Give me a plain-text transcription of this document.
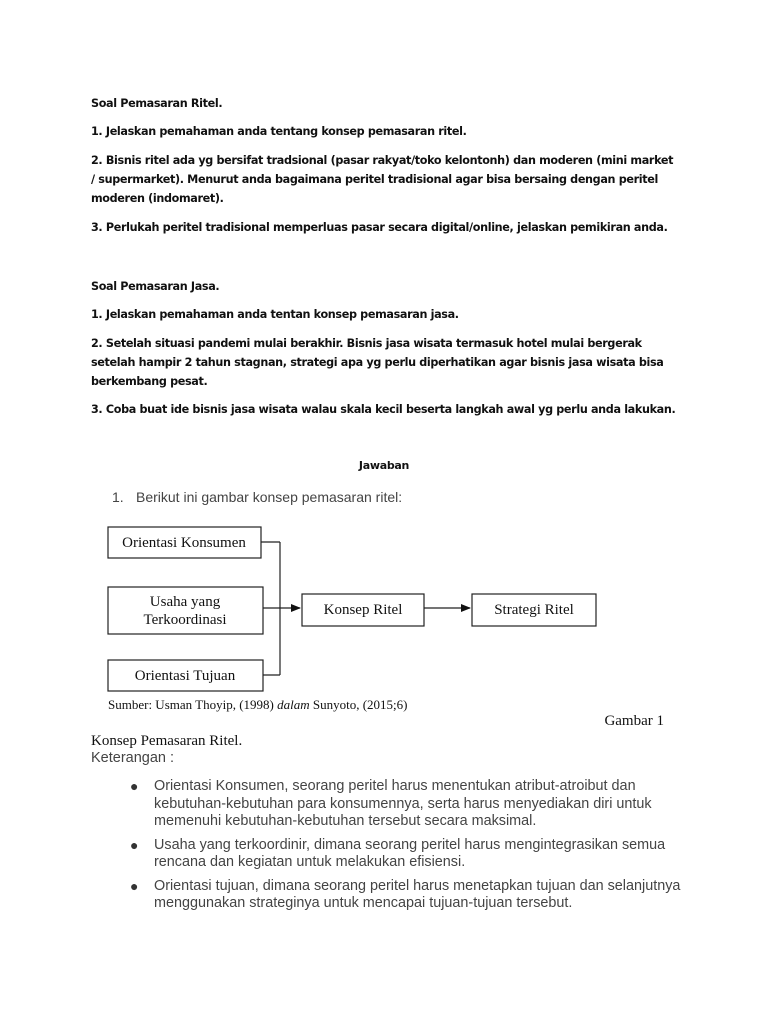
Soal Pemasaran Ritel.
1. Jelaskan pemahaman anda tentang konsep pemasaran ritel.
2. Bisnis ritel ada yg bersifat tradsional (pasar rakyat/toko kelontonh) dan moderen (mini market / supermarket). Menurut anda bagaimana peritel tradisional agar bisa bersaing dengan peritel moderen (indomaret).
3. Perlukah peritel tradisional memperluas pasar secara digital/online, jelaskan pemikiran anda.
Soal Pemasaran Jasa.
1. Jelaskan pemahaman anda tentan konsep pemasaran jasa.
2. Setelah situasi pandemi mulai berakhir. Bisnis jasa wisata termasuk hotel mulai bergerak setelah hampir 2 tahun stagnan, strategi apa yg perlu diperhatikan agar bisnis jasa wisata bisa berkembang pesat.
3. Coba buat ide bisnis jasa wisata walau skala kecil beserta langkah awal yg perlu anda lakukan.
Jawaban
1. Berikut ini gambar konsep pemasaran ritel:
Orientasi Konsumen
Usaha yang
Terkoordinasi
Orientasi Tujuan
Konsep Ritel	Strategi Ritel
Sumber: Usman Thoyip, (1998) dalam Sunyoto, (2015;6)
Gambar 1
Konsep Pemasaran Ritel.
Keterangan :
● Orientasi Konsumen, seorang peritel harus menentukan atribut-atroibut dan kebutuhan-kebutuhan para konsumennya, serta harus menyediakan diri untuk memenuhi kebutuhan-kebutuhan tersebut secara maksimal.
● Usaha yang terkoordinir, dimana seorang peritel harus mengintegrasikan semua rencana dan kegiatan untuk melakukan efisiensi.
● Orientasi tujuan, dimana seorang peritel harus menetapkan tujuan dan selanjutnya menggunakan strateginya untuk mencapai tujuan-tujuan tersebut.
